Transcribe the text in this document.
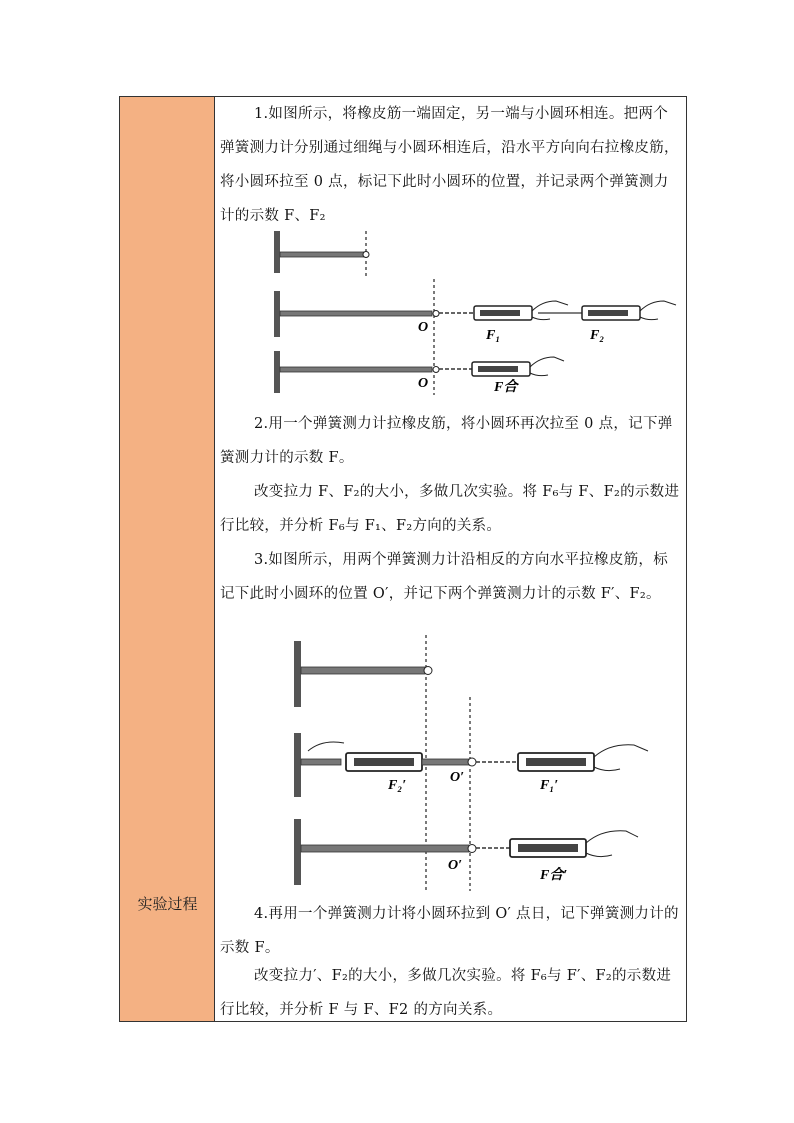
实验过程

1.如图所示，将橡皮筋一端固定，另一端与小圆环相连。把两个弹簧测力计分别通过细绳与小圆环相连后，沿水平方向向右拉橡皮筋，将小圆环拉至 0 点，标记下此时小圆环的位置，并记录两个弹簧测力计的示数 F、F₂

O
F₁	F₂
O	F合

2.用一个弹簧测力计拉橡皮筋，将小圆环再次拉至 0 点，记下弹簧测力计的示数 F。

改变拉力 F、F₂的大小，多做几次实验。将 F₆与 F、F₂的示数进行比较，并分析 F₆与 F₁、F₂方向的关系。

3.如图所示，用两个弹簧测力计沿相反的方向水平拉橡皮筋，标记下此时小圆环的位置 O′，并记下两个弹簧测力计的示数 F′、F₂。

F₂′
O′
F₁′
O′
F合′

4.再用一个弹簧测力计将小圆环拉到 O′ 点日，记下弹簧测力计的示数 F。

改变拉力′、F₂的大小，多做几次实验。将 F₆与 F′、F₂的示数进行比较，并分析 F 与 F、F2 的方向关系。
